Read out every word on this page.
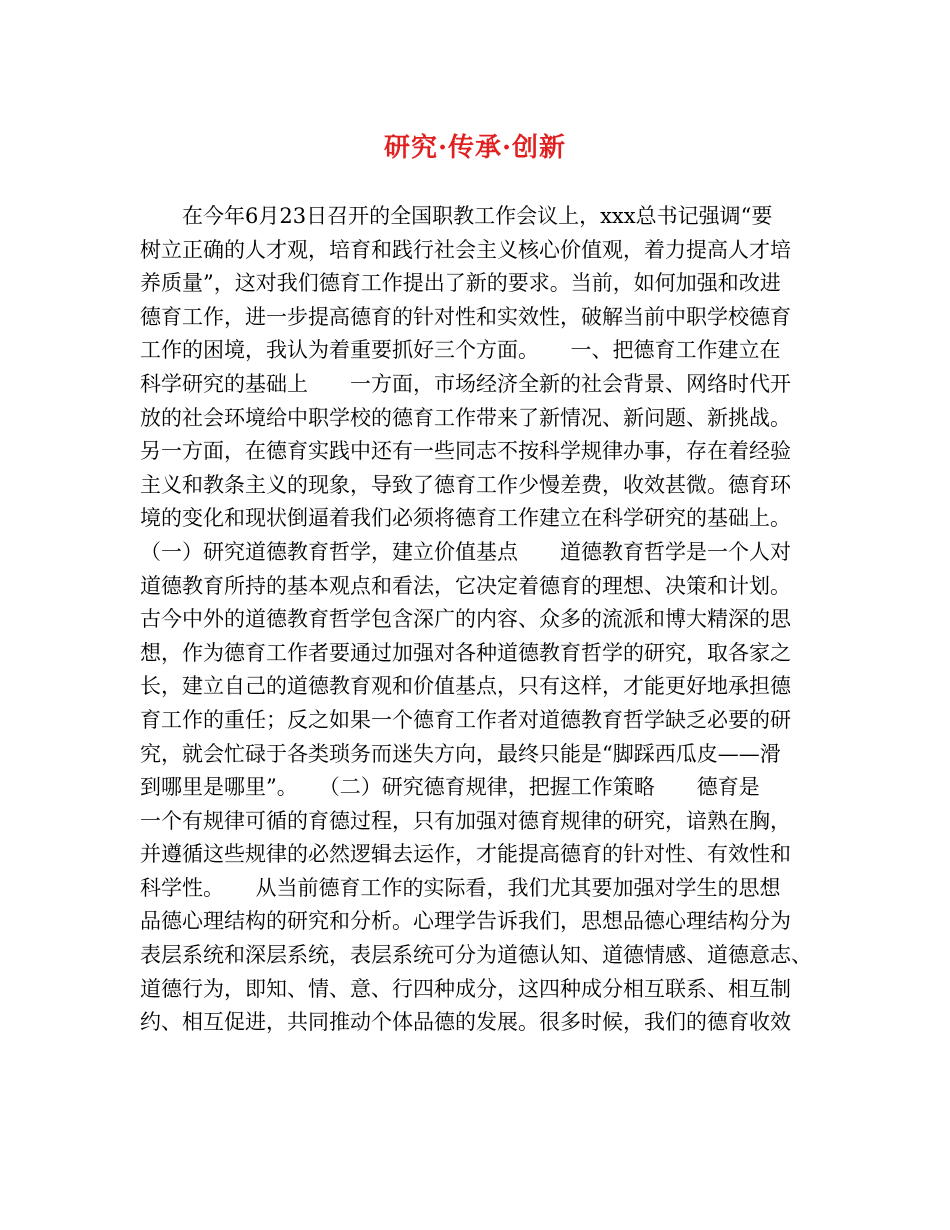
研究·传承·创新
　　在今年6月23日召开的全国职教工作会议上，xxx总书记强调“要
树立正确的人才观，培育和践行社会主义核心价值观，着力提高人才培
养质量”，这对我们德育工作提出了新的要求。当前，如何加强和改进
德育工作，进一步提高德育的针对性和实效性，破解当前中职学校德育
工作的困境，我认为着重要抓好三个方面。　　一、把德育工作建立在
科学研究的基础上　　一方面，市场经济全新的社会背景、网络时代开
放的社会环境给中职学校的德育工作带来了新情况、新问题、新挑战。
另一方面，在德育实践中还有一些同志不按科学规律办事，存在着经验
主义和教条主义的现象，导致了德育工作少慢差费，收效甚微。德育环
境的变化和现状倒逼着我们必须将德育工作建立在科学研究的基础上。
（一）研究道德教育哲学，建立价值基点　　道德教育哲学是一个人对
道德教育所持的基本观点和看法，它决定着德育的理想、决策和计划。
古今中外的道德教育哲学包含深广的内容、众多的流派和博大精深的思
想，作为德育工作者要通过加强对各种道德教育哲学的研究，取各家之
长，建立自己的道德教育观和价值基点，只有这样，才能更好地承担德
育工作的重任；反之如果一个德育工作者对道德教育哲学缺乏必要的研
究，就会忙碌于各类琐务而迷失方向，最终只能是“脚踩西瓜皮——滑
到哪里是哪里”。　　（二）研究德育规律，把握工作策略　　德育是
一个有规律可循的育德过程，只有加强对德育规律的研究，谙熟在胸，
并遵循这些规律的必然逻辑去运作，才能提高德育的针对性、有效性和
科学性。　　从当前德育工作的实际看，我们尤其要加强对学生的思想
品德心理结构的研究和分析。心理学告诉我们，思想品德心理结构分为
表层系统和深层系统，表层系统可分为道德认知、道德情感、道德意志、
道德行为，即知、情、意、行四种成分，这四种成分相互联系、相互制
约、相互促进，共同推动个体品德的发展。很多时候，我们的德育收效
